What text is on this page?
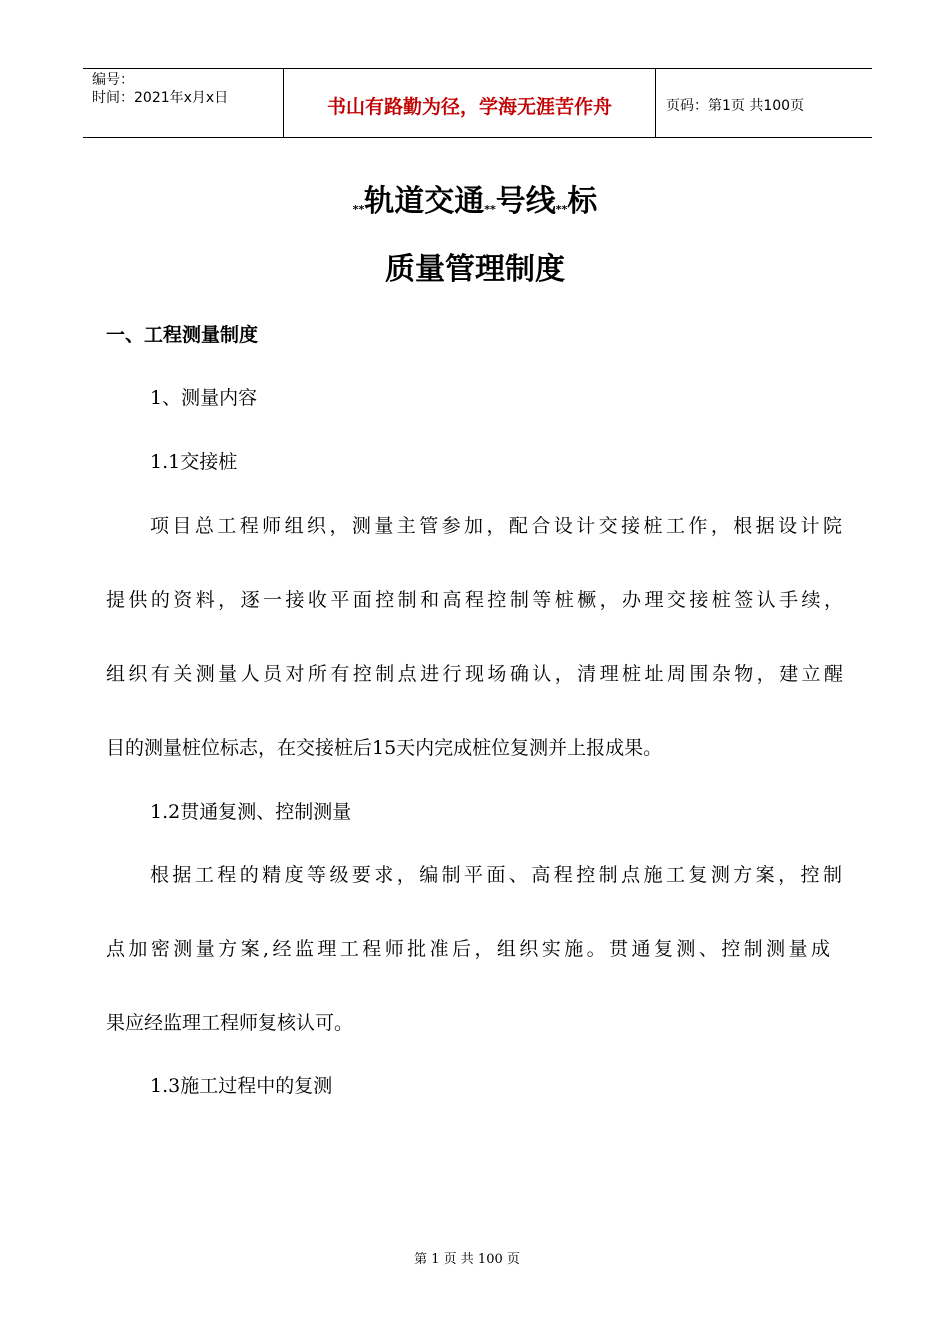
编号：
时间：2021年x月x日	书山有路勤为径，学海无涯苦作舟	页码：第1页 共100页
**轨道交通**号线**标
质量管理制度
一、工程测量制度
1、测量内容
1.1交接桩
项目总工程师组织，测量主管参加，配合设计交接桩工作，根据设计院
提供的资料，逐一接收平面控制和高程控制等桩橛，办理交接桩签认手续，
组织有关测量人员对所有控制点进行现场确认，清理桩址周围杂物，建立醒
目的测量桩位标志，在交接桩后15天内完成桩位复测并上报成果。
1.2贯通复测、控制测量
根据工程的精度等级要求，编制平面、高程控制点施工复测方案，控制
点加密测量方案,经监理工程师批准后，组织实施。贯通复测、控制测量成
果应经监理工程师复核认可。
1.3施工过程中的复测
第 1 页 共 100 页
